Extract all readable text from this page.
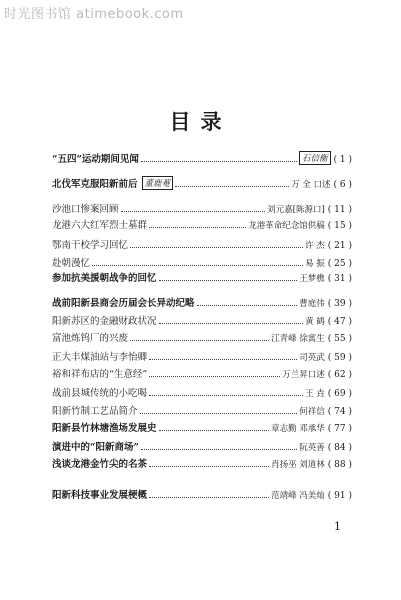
时光图书馆 atimebook.com
目录
“五四”运动期间见闻	石信衡 ( 1 )
北伐军克服阳新前后 董鹿菴	万 全 口述 ( 6 )
沙池口惨案回顾	刘元嘉[陈源口] ( 11 )
龙港六大红军烈士墓群	龙港革命纪念馆供稿 ( 15 )
鄂南干校学习回忆	许 杰 ( 21 )
赴朝漫忆	易 振 ( 25 )
参加抗美援朝战争的回忆	王梦樵 ( 31 )
战前阳新县商会历届会长异动纪略	曹庭伟 ( 39 )
阳新苏区的金融财政状况	黄 鹤 ( 47 )
富池炼钨厂的兴废	江青峰 徐寓生 ( 55 )
正大丰煤油站与李怡卿	司英武 ( 59 )
裕和祥布店的“生意经”	万兰昇口述 ( 62 )
战前县城传统的小吃喝	王 垚 ( 69 )
阳新竹制工艺品简介	何祥信 ( 74 )
阳新县竹林塘渔场发展史	章志勤 邓承华 ( 77 )
演进中的“阳新商场”	阮英善 ( 84 )
浅谈龙港金竹尖的名茶	肖扬巫 刘道林 ( 88 )
阳新科技事业发展梗概	范靖峰 冯美灿 ( 91 )
1
